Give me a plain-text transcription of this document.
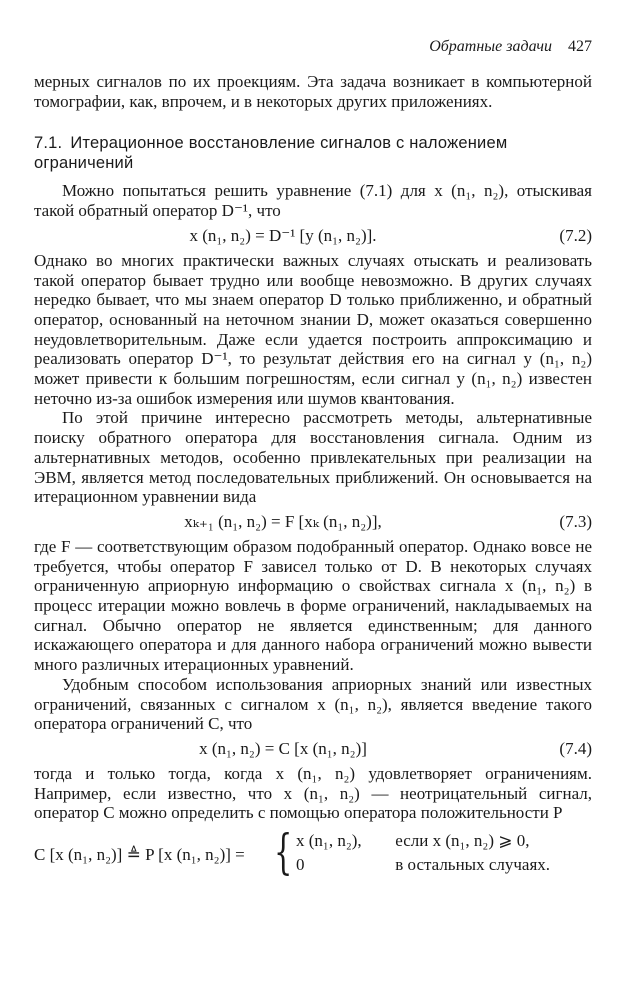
Обратные задачи 427

мерных сигналов по их проекциям. Эта задача возникает в компьютерной томографии, как, впрочем, и в некоторых других приложениях.

7.1. Итерационное восстановление сигналов с наложением ограничений

Можно попытаться решить уравнение (7.1) для x (n₁, n₂), отыскивая такой обратный оператор D⁻¹, что

x (n₁, n₂) = D⁻¹ [y (n₁, n₂)].	(7.2)

Однако во многих практически важных случаях отыскать и реализовать такой оператор бывает трудно или вообще невозможно. В других случаях нередко бывает, что мы знаем оператор D только приближенно, и обратный оператор, основанный на неточном знании D, может оказаться совершенно неудовлетворительным. Даже если удается построить аппроксимацию и реализовать оператор D⁻¹, то результат действия его на сигнал y (n₁, n₂) может привести к большим погрешностям, если сигнал y (n₁, n₂) известен неточно из-за ошибок измерения или шумов квантования.

По этой причине интересно рассмотреть методы, альтернативные поиску обратного оператора для восстановления сигнала. Одним из альтернативных методов, особенно привлекательных при реализации на ЭВМ, является метод последовательных приближений. Он основывается на итерационном уравнении вида

xₖ₊₁ (n₁, n₂) = F [xₖ (n₁, n₂)],	(7.3)

где F — соответствующим образом подобранный оператор. Однако вовсе не требуется, чтобы оператор F зависел только от D. В некоторых случаях ограниченную априорную информацию о свойствах сигнала x (n₁, n₂) в процесс итерации можно вовлечь в форме ограничений, накладываемых на сигнал. Обычно оператор не является единственным; для данного искажающего оператора и для данного набора ограничений можно вывести много различных итерационных уравнений.

Удобным способом использования априорных знаний или известных ограничений, связанных с сигналом x (n₁, n₂), является введение такого оператора ограничений C, что

x (n₁, n₂) = C [x (n₁, n₂)]	(7.4)

тогда и только тогда, когда x (n₁, n₂) удовлетворяет ограничениям. Например, если известно, что x (n₁, n₂) — неотрицательный сигнал, оператор C можно определить с помощью оператора положительности P

C [x (n₁, n₂)] ≜ P [x (n₁, n₂)] = { x (n₁, n₂), если x (n₁, n₂) ⩾ 0,
0	в остальных случаях.
